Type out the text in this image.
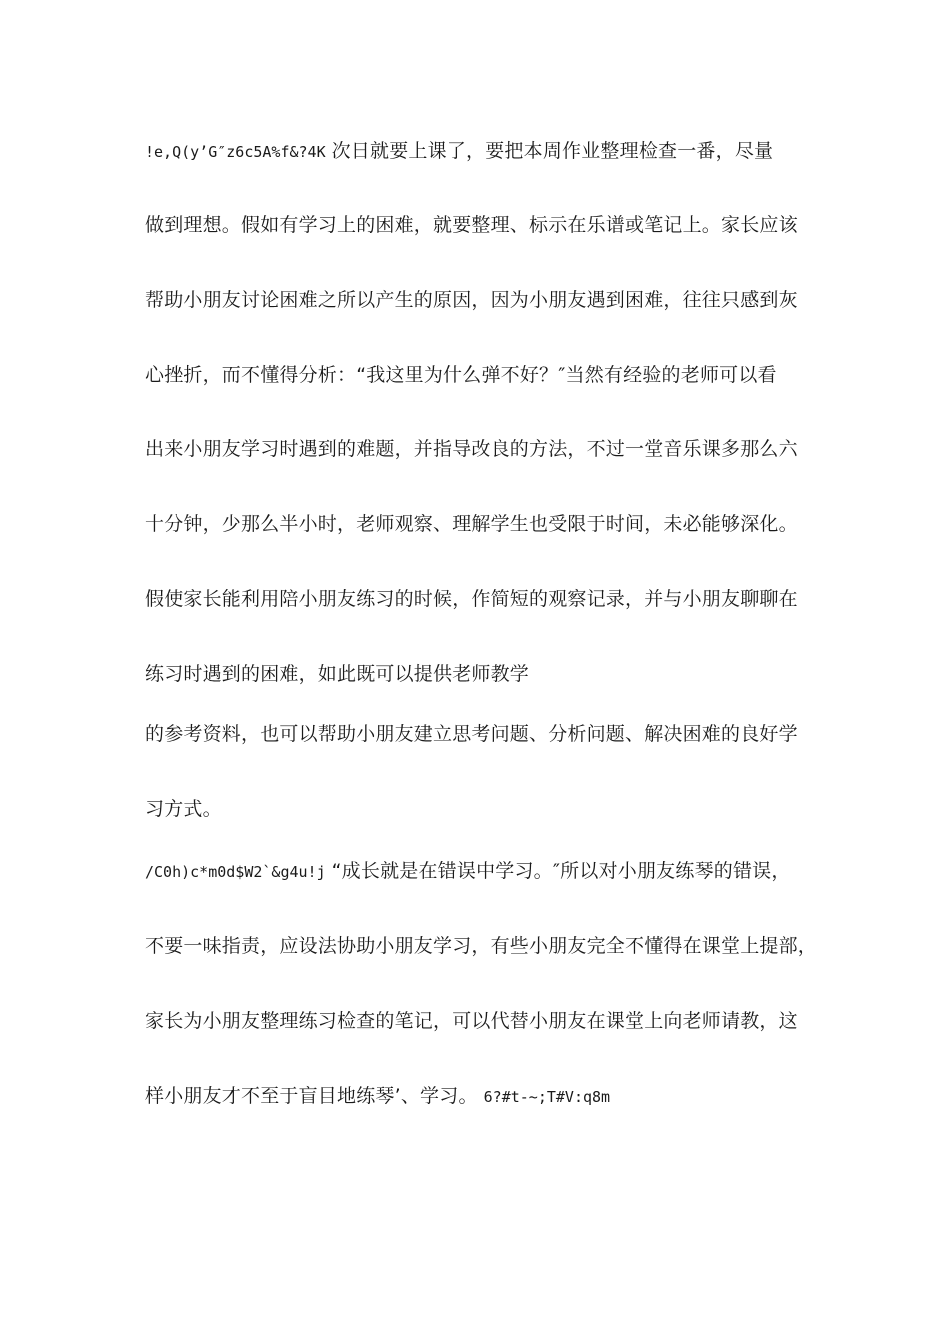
!e,Q(y’G″z6c5A%f&?4K 次日就要上课了，要把本周作业整理检查一番，尽量
做到理想。假如有学习上的困难，就要整理、标示在乐谱或笔记上。家长应该
帮助小朋友讨论困难之所以产生的原因，因为小朋友遇到困难，往往只感到灰
心挫折，而不懂得分析：“我这里为什么弹不好？″当然有经验的老师可以看
出来小朋友学习时遇到的难题，并指导改良的方法，不过一堂音乐课多那么六
十分钟，少那么半小时，老师观察、理解学生也受限于时间，未必能够深化。
假使家长能利用陪小朋友练习的时候，作简短的观察记录，并与小朋友聊聊在
练习时遇到的困难，如此既可以提供老师教学
的参考资料，也可以帮助小朋友建立思考问题、分析问题、解决困难的良好学
习方式。
/C0h)c*m0d$W2`&g4u!j “成长就是在错误中学习。″所以对小朋友练琴的错误，
不要一味指责，应设法协助小朋友学习，有些小朋友完全不懂得在课堂上提部，
家长为小朋友整理练习检查的笔记，可以代替小朋友在课堂上向老师请教，这
样小朋友才不至于盲目地练琴’、学习。 6?#t-~;T#V:q8m
